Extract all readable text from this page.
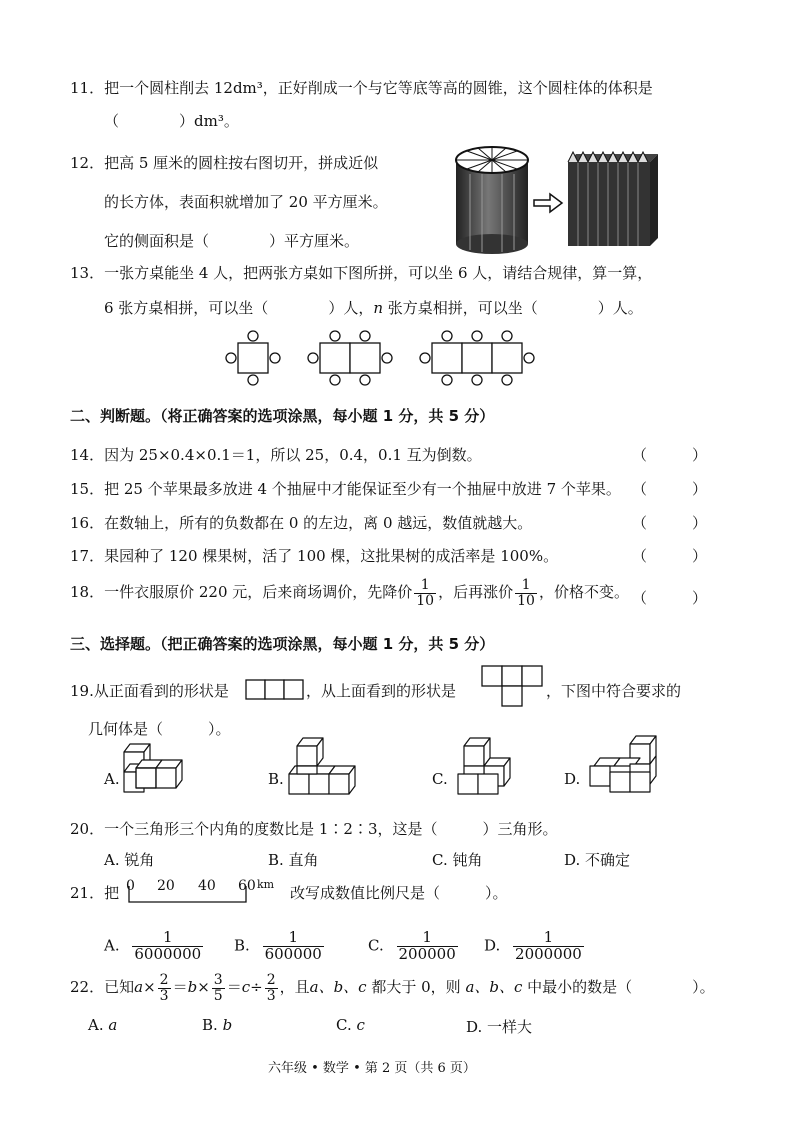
11．把一个圆柱削去 12dm³，正好削成一个与它等底等高的圆锥，这个圆柱体的体积是
（　　　　）dm³。
12．把高 5 厘米的圆柱按右图切开，拼成近似
的长方体，表面积就增加了 20 平方厘米。
它的侧面积是（　　　　）平方厘米。
13．一张方桌能坐 4 人，把两张方桌如下图所拼，可以坐 6 人，请结合规律，算一算，
6 张方桌相拼，可以坐（　　　　）人，n 张方桌相拼，可以坐（　　　　）人。
二、判断题。（将正确答案的选项涂黑，每小题 1 分，共 5 分）
14．因为 25×0.4×0.1＝1，所以 25，0.4，0.1 互为倒数。	（　　　）
15．把 25 个苹果最多放进 4 个抽屉中才能保证至少有一个抽屉中放进 7 个苹果。 （　　　）
16．在数轴上，所有的负数都在 0 的左边，离 0 越远，数值就越大。	（　　　）
17．果园种了 120 棵果树，活了 100 棵，这批果树的成活率是 100%。	（　　　）
18．一件衣服原价 220 元，后来商场调价，先降价 $\frac{1}{10}$ ，后再涨价 $\frac{1}{10}$ ，价格不变。 （　　　）
三、选择题。（把正确答案的选项涂黑，每小题 1 分，共 5 分）
19.从正面看到的形状是	，从上面看到的形状是	，下图中符合要求的
几何体是（　　　）。
A.	B.	C.	D.
20．一个三角形三个内角的度数比是 1∶2∶3，这是（　　　）三角形。
A. 锐角	B. 直角	C. 钝角	D. 不确定
21．把 0 20 40 60 km 改写成数值比例尺是（　　　）。
A. $\frac{1}{6000000} B$. $\frac{1}{600000}$	C. $\frac{1}{200000} D$. $\frac{1}{2000000}$
22．已知$a\times \frac{2}{3} =b\times \frac{3}{5} =c\div \frac{2}{3}$ ，且a、b、c 都大于 0，则 a、b、c 中最小的数是（　　　　）。
A. a	B. b	C. c	D. 一样大
六年级 • 数学 • 第 2 页（共 6 页）
